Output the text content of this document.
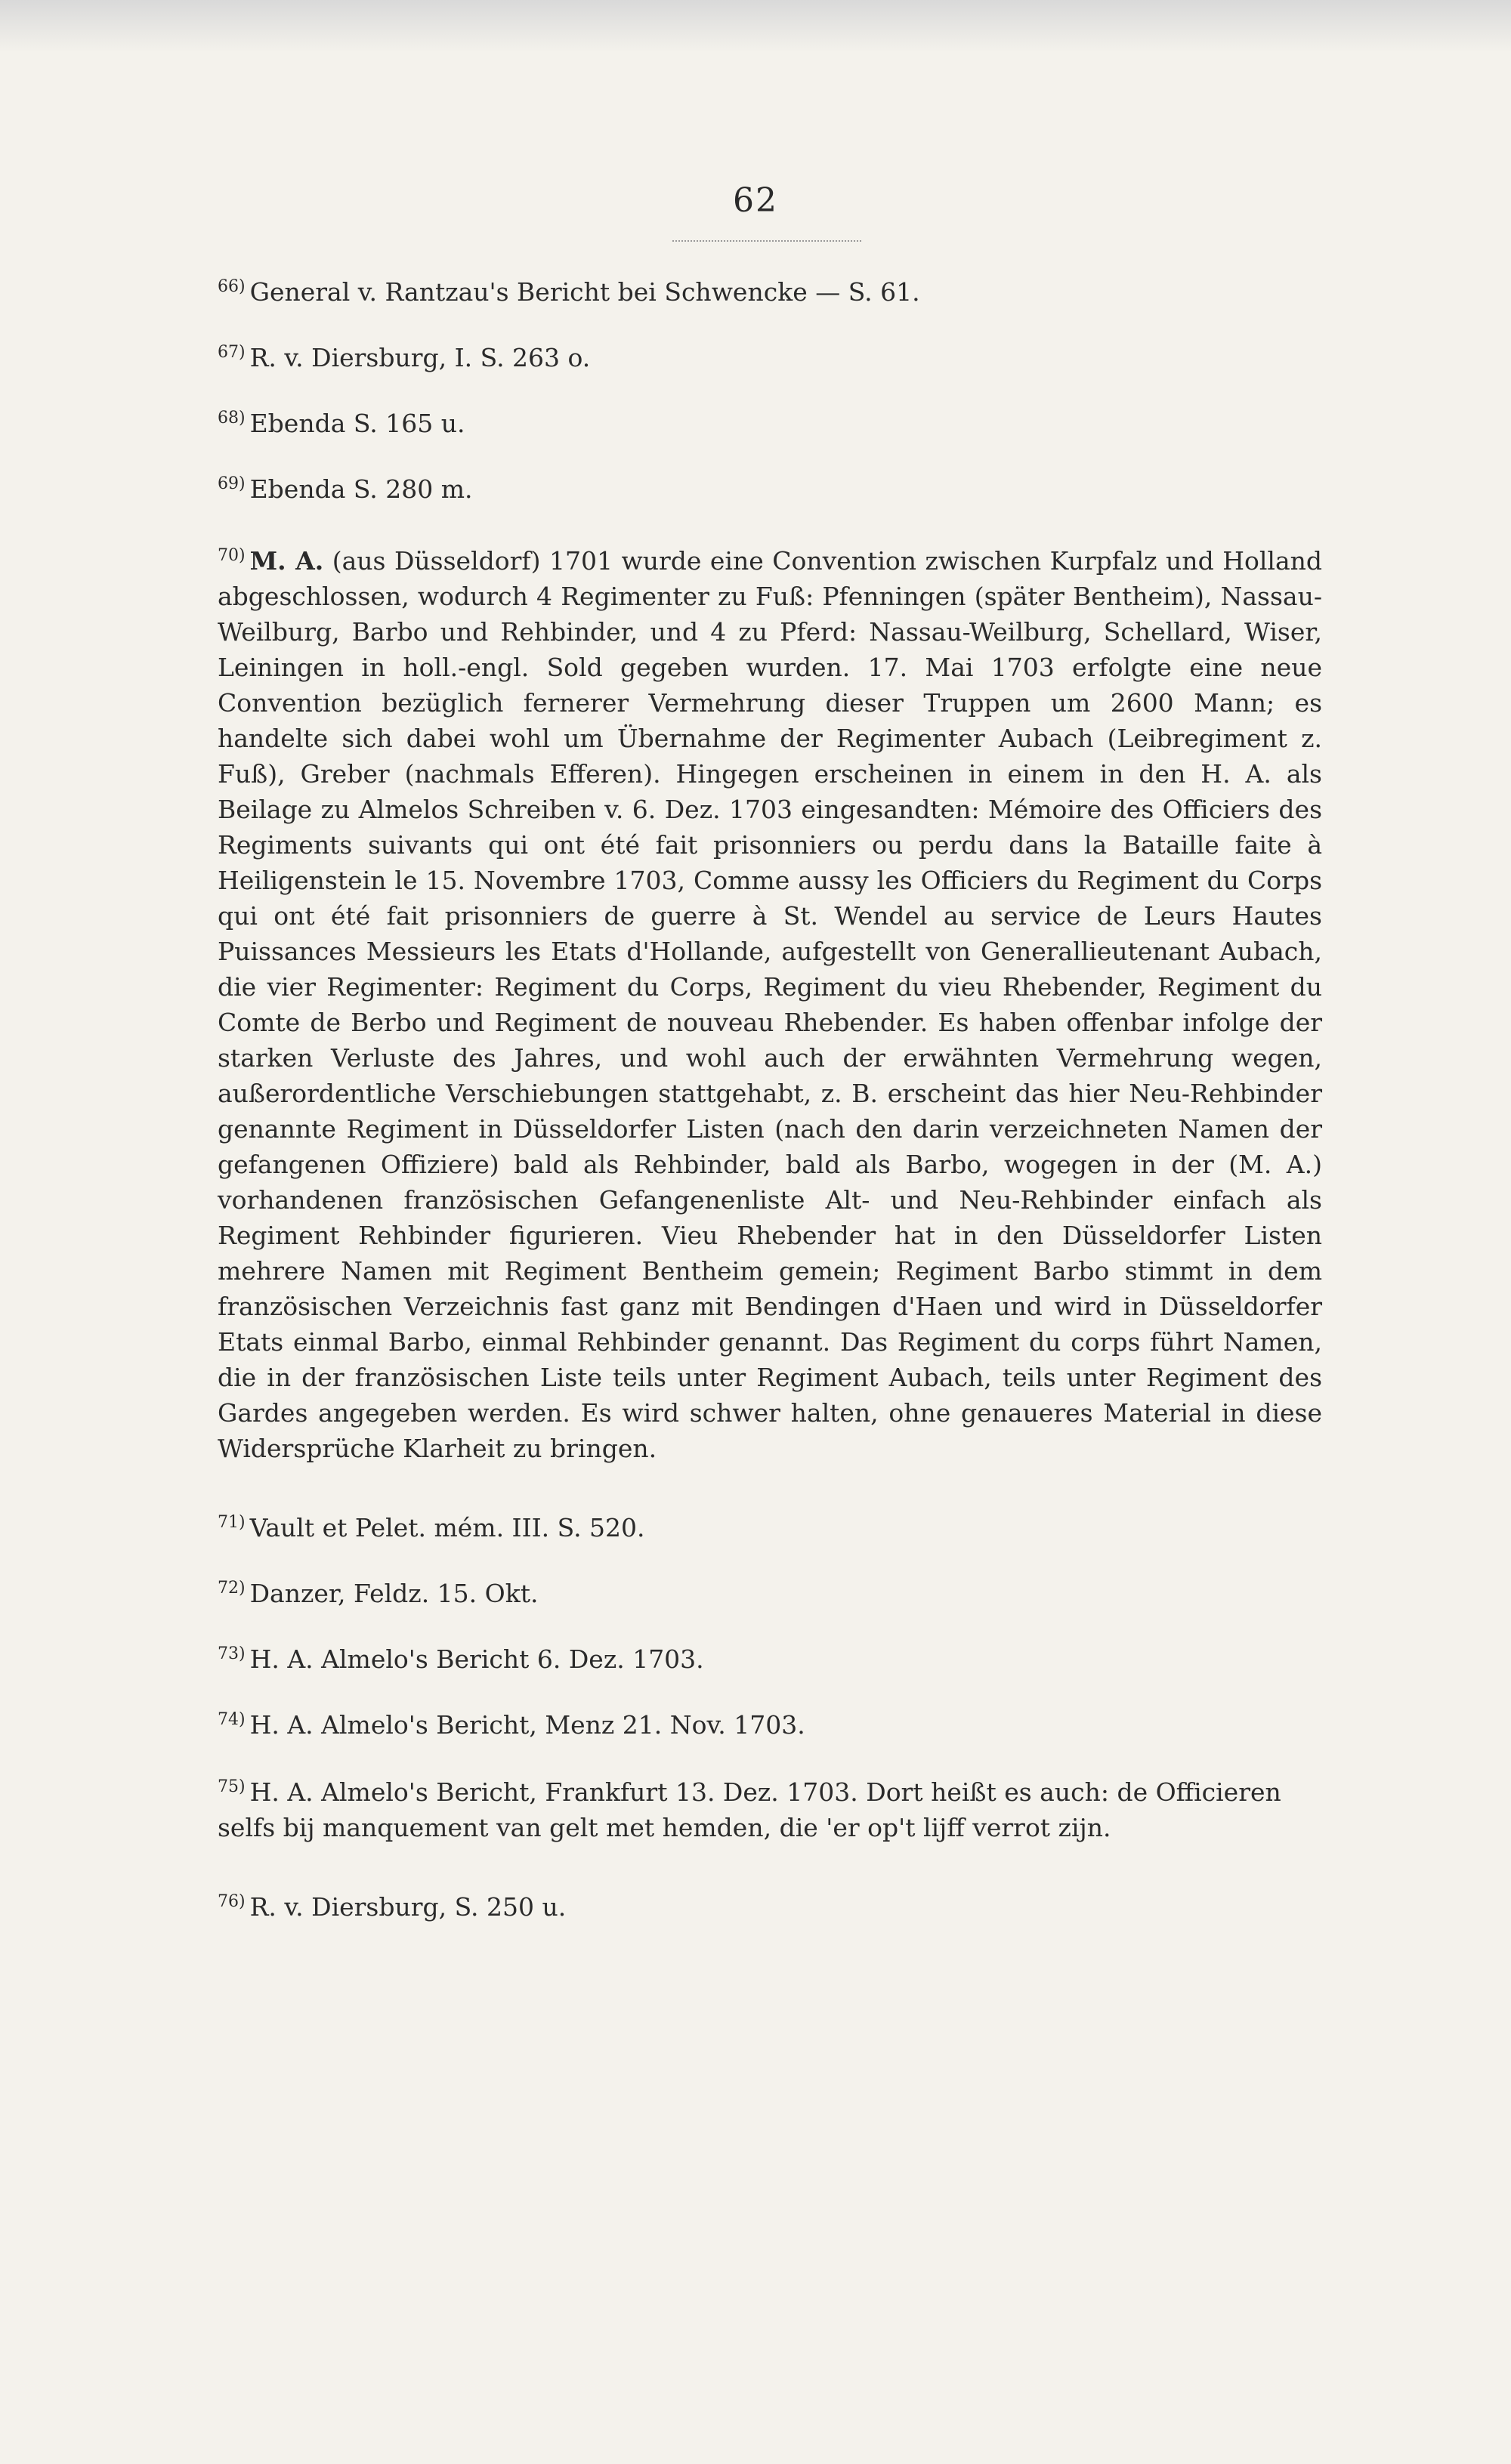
62

$^{66)}$ General v. Rantzau's Bericht bei Schwencke — S. 61.

$^{67)}$ R. v. Diersburg, I. S. 263 o.

$^{68)}$ Ebenda S. 165 u.

$^{69)}$ Ebenda S. 280 m.

$^{70)}$ M. A. (aus Düsseldorf) 1701 wurde eine Convention zwischen Kurpfalz und Holland abgeschlossen, wodurch 4 Regimenter zu Fuß: Pfenningen (später Bentheim), Nassau-Weilburg, Barbo und Rehbinder, und 4 zu Pferd: Nassau-Weilburg, Schellard, Wiser, Leiningen in holl.-engl. Sold gegeben wurden. 17. Mai 1703 erfolgte eine neue Convention bezüglich fernerer Vermehrung dieser Truppen um 2600 Mann; es handelte sich dabei wohl um Übernahme der Regimenter Aubach (Leibregiment z. Fuß), Greber (nachmals Efferen). Hingegen erscheinen in einem in den H. A. als Beilage zu Almelos Schreiben v. 6. Dez. 1703 eingesandten: Mémoire des Officiers des Regiments suivants qui ont été fait prisonniers ou perdu dans la Bataille faite à Heiligenstein le 15. Novembre 1703, Comme aussy les Officiers du Regiment du Corps qui ont été fait prisonniers de guerre à St. Wendel au service de Leurs Hautes Puissances Messieurs les Etats d'Hollande, aufgestellt von Generallieutenant Aubach, die vier Regimenter: Regiment du Corps, Regiment du vieu Rhebender, Regiment du Comte de Berbo und Regiment de nouveau Rhebender. Es haben offenbar infolge der starken Verluste des Jahres, und wohl auch der erwähnten Vermehrung wegen, außerordentliche Verschiebungen stattgehabt, z. B. erscheint das hier Neu-Rehbinder genannte Regiment in Düsseldorfer Listen (nach den darin verzeichneten Namen der gefangenen Offiziere) bald als Rehbinder, bald als Barbo, wogegen in der (M. A.) vorhandenen französischen Gefangenenliste Alt- und Neu-Rehbinder einfach als Regiment Rehbinder figurieren. Vieu Rhebender hat in den Düsseldorfer Listen mehrere Namen mit Regiment Bentheim gemein; Regiment Barbo stimmt in dem französischen Verzeichnis fast ganz mit Bendingen d'Haen und wird in Düsseldorfer Etats einmal Barbo, einmal Rehbinder genannt. Das Regiment du corps führt Namen, die in der französischen Liste teils unter Regiment Aubach, teils unter Regiment des Gardes angegeben werden. Es wird schwer halten, ohne genaueres Material in diese Widersprüche Klarheit zu bringen.

$^{71)}$ Vault et Pelet. mém. III. S. 520.

$^{72)}$ Danzer, Feldz. 15. Okt.

$^{73)}$ H. A. Almelo's Bericht 6. Dez. 1703.

$^{74)}$ H. A. Almelo's Bericht, Menz 21. Nov. 1703.

$^{75)}$ H. A. Almelo's Bericht, Frankfurt 13. Dez. 1703. Dort heißt es auch: de Officieren selfs bij manquement van gelt met hemden, die 'er op't lijff verrot zijn.

$^{76)}$ R. v. Diersburg, S. 250 u.
